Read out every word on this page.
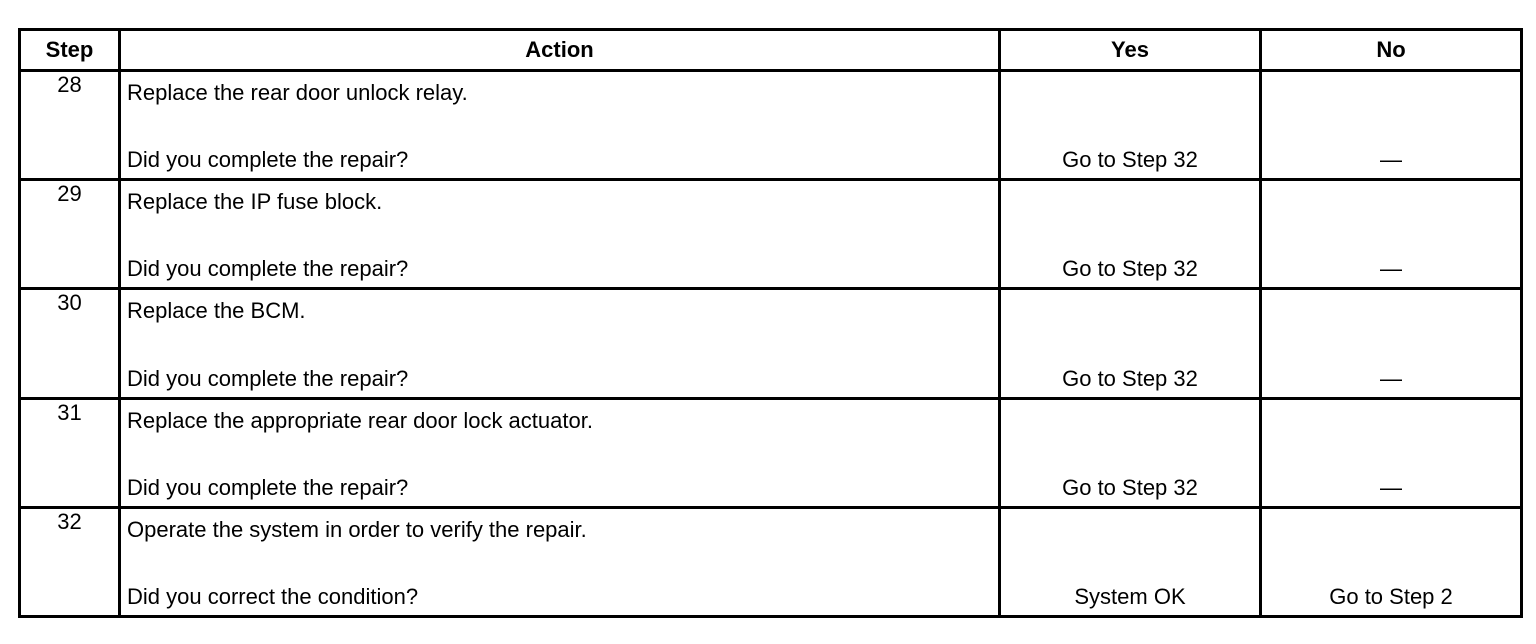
Step	Action	Yes	No
28	Replace the rear door unlock relay.
Did you complete the repair?	Go to Step 32	—

29	Replace the IP fuse block.
Did you complete the repair?	Go to Step 32	—

30	Replace the BCM.
Did you complete the repair?	Go to Step 32	—

31	Replace the appropriate rear door lock actuator.
Did you complete the repair?	Go to Step 32	—

32	Operate the system in order to verify the repair.
Did you correct the condition?	System OK	Go to Step 2
